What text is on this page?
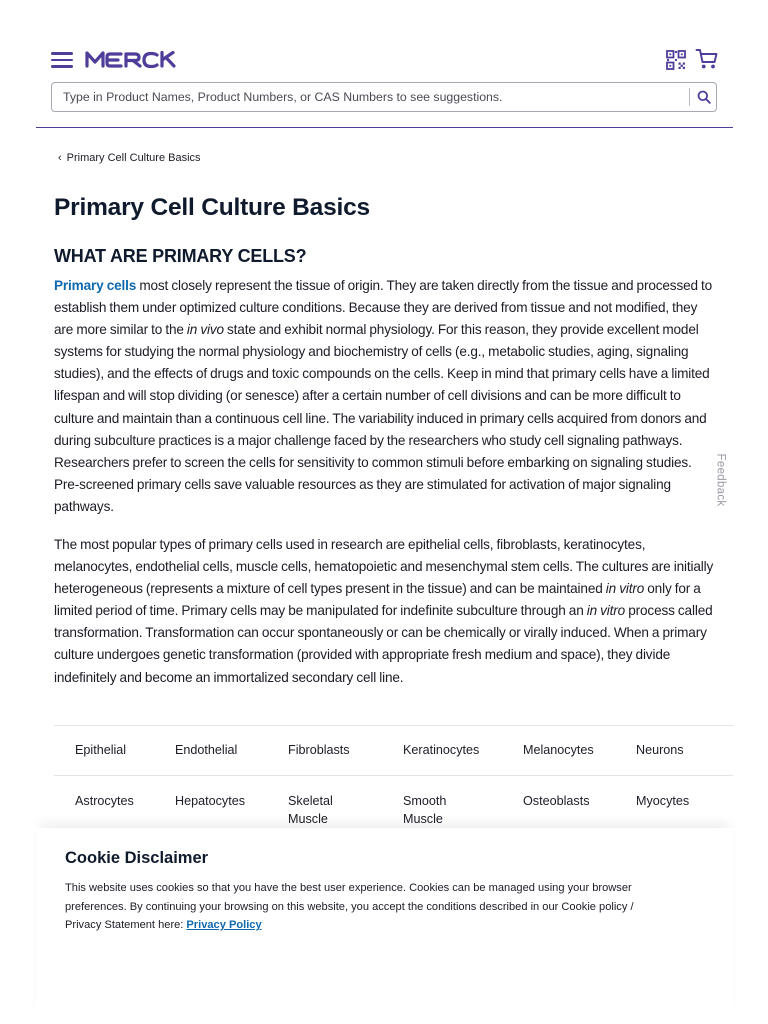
Type in Product Names, Product Numbers, or CAS Numbers to see suggestions.
‹ Primary Cell Culture Basics
Primary Cell Culture Basics
WHAT ARE PRIMARY CELLS?

Primary cells most closely represent the tissue of origin. They are taken directly from the tissue and processed to establish them under optimized culture conditions. Because they are derived from tissue and not modified, they are more similar to the in vivo state and exhibit normal physiology. For this reason, they provide excellent model systems for studying the normal physiology and biochemistry of cells (e.g., metabolic studies, aging, signaling studies), and the effects of drugs and toxic compounds on the cells. Keep in mind that primary cells have a limited lifespan and will stop dividing (or senesce) after a certain number of cell divisions and can be more difficult to culture and maintain than a continuous cell line. The variability induced in primary cells acquired from donors and during subculture practices is a major challenge faced by the researchers who study cell signaling pathways. Researchers prefer to screen the cells for sensitivity to common stimuli before embarking on signaling studies. Pre-screened primary cells save valuable resources as they are stimulated for activation of major signaling pathways.

The most popular types of primary cells used in research are epithelial cells, fibroblasts, keratinocytes, melanocytes, endothelial cells, muscle cells, hematopoietic and mesenchymal stem cells. The cultures are initially heterogeneous (represents a mixture of cell types present in the tissue) and can be maintained in vitro only for a limited period of time. Primary cells may be manipulated for indefinite subculture through an in vitro process called transformation. Transformation can occur spontaneously or can be chemically or virally induced. When a primary culture undergoes genetic transformation (provided with appropriate fresh medium and space), they divide indefinitely and become an immortalized secondary cell line.

Feedback
Epithelial	Endothelial	Fibroblasts	Keratinocytes	Melanocytes	Neurons
Astrocytes	Hepatocytes	Skeletal Muscle	Smooth Muscle	Osteoblasts	Myocytes
Cookie Disclaimer

This website uses cookies so that you have the best user experience. Cookies can be managed using your browser preferences. By continuing your browsing on this website, you accept the conditions described in our Cookie policy / Privacy Statement here: Privacy Policy
